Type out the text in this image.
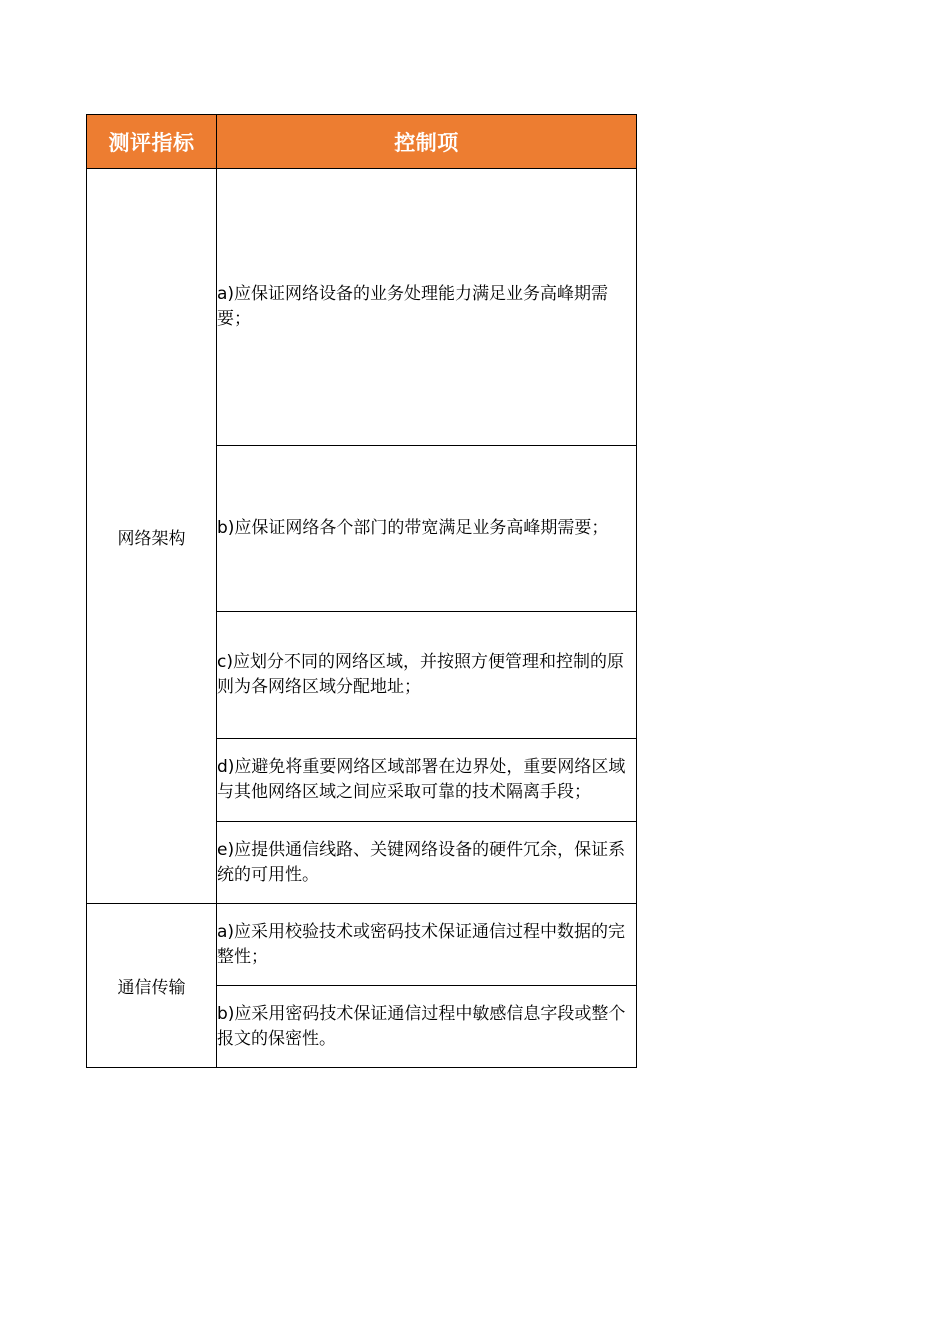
测评指标	控制项
网络架构	a)应保证网络设备的业务处理能力满足业务高峰期需要；
	b)应保证网络各个部门的带宽满足业务高峰期需要；
	c)应划分不同的网络区域，并按照方便管理和控制的原则为各网络区域分配地址；
	d)应避免将重要网络区域部署在边界处，重要网络区域与其他网络区域之间应采取可靠的技术隔离手段；
	e)应提供通信线路、关键网络设备的硬件冗余，保证系统的可用性。
通信传输	a)应采用校验技术或密码技术保证通信过程中数据的完整性；
	b)应采用密码技术保证通信过程中敏感信息字段或整个报文的保密性。
